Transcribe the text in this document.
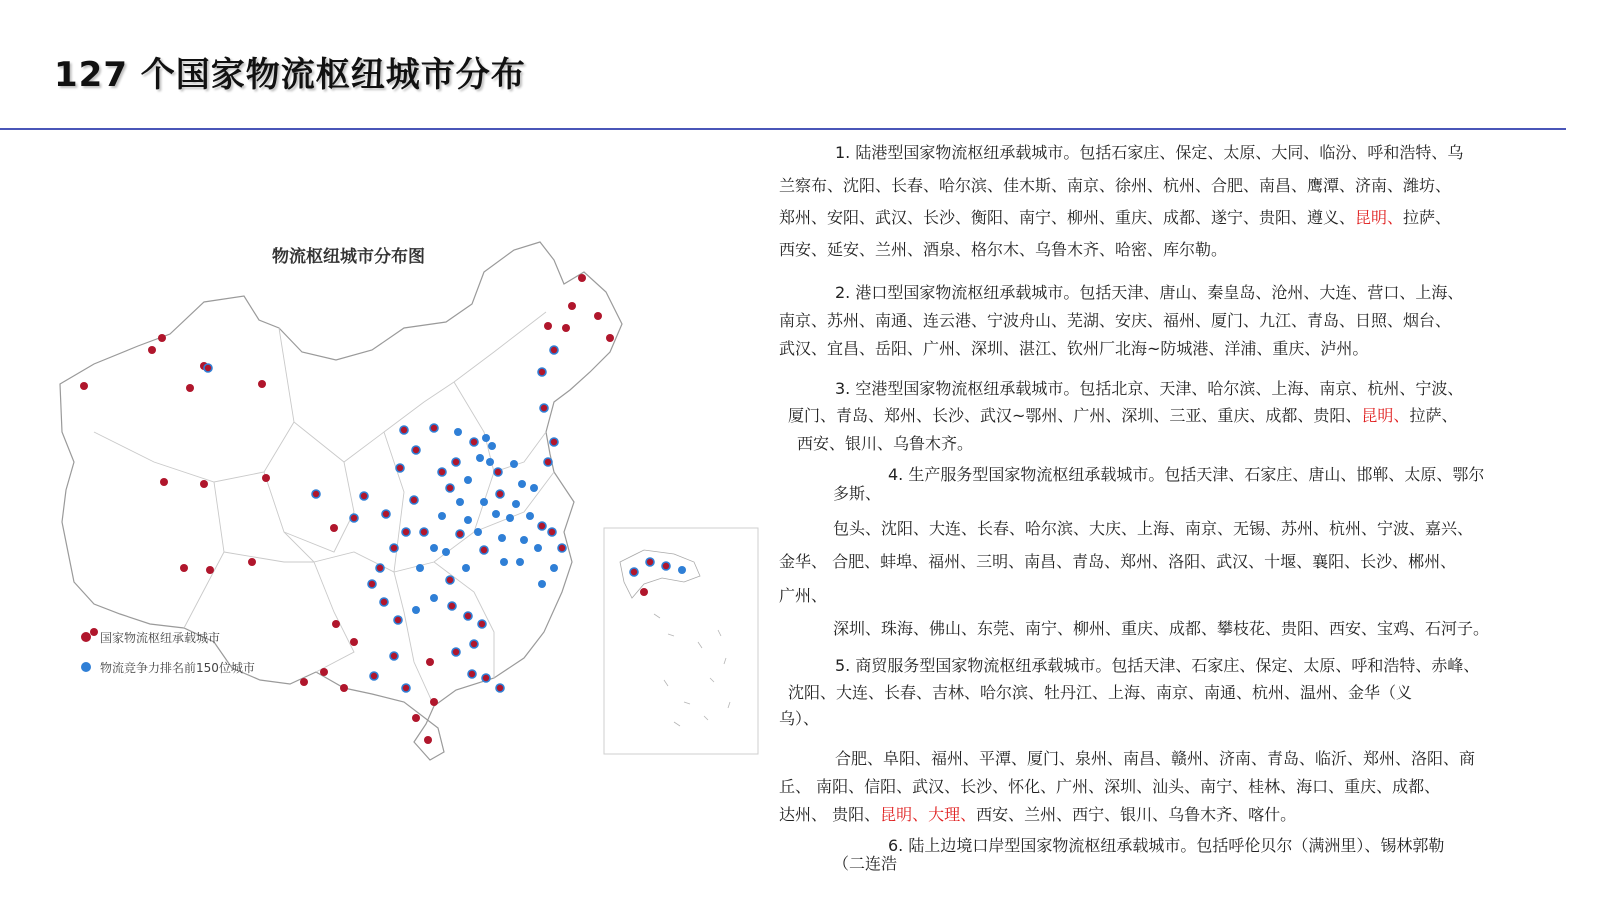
127 个国家物流枢纽城市分布
物流枢纽城市分布图
国家物流枢纽承载城市
物流竞争力排名前150位城市
1. 陆港型国家物流枢纽承载城市。包括石家庄、保定、太原、大同、临汾、呼和浩特、乌
兰察布、沈阳、长春、哈尔滨、佳木斯、南京、徐州、杭州、合肥、南昌、鹰潭、济南、潍坊、
郑州、安阳、武汉、长沙、衡阳、南宁、柳州、重庆、成都、遂宁、贵阳、遵义、昆明、拉萨、
西安、延安、兰州、酒泉、格尔木、乌鲁木齐、哈密、库尔勒。
2. 港口型国家物流枢纽承载城市。包括天津、唐山、秦皇岛、沧州、大连、营口、上海、
南京、苏州、南通、连云港、宁波舟山、芜湖、安庆、福州、厦门、九江、青岛、日照、烟台、
武汉、宜昌、岳阳、广州、深圳、湛江、钦州厂北海~防城港、洋浦、重庆、泸州。
3. 空港型国家物流枢纽承载城市。包括北京、天津、哈尔滨、上海、南京、杭州、宁波、
厦门、青岛、郑州、长沙、武汉~鄂州、广州、深圳、三亚、重庆、成都、贵阳、昆明、拉萨、
西安、银川、乌鲁木齐。
4. 生产服务型国家物流枢纽承载城市。包括天津、石家庄、唐山、邯郸、太原、鄂尔
多斯、
包头、沈阳、大连、长春、哈尔滨、大庆、上海、南京、无锡、苏州、杭州、宁波、嘉兴、
金华、 合肥、蚌埠、福州、三明、南昌、青岛、郑州、洛阳、武汉、十堰、襄阳、长沙、郴州、
广州、
深圳、珠海、佛山、东莞、南宁、柳州、重庆、成都、攀枝花、贵阳、西安、宝鸡、石河子。
5. 商贸服务型国家物流枢纽承载城市。包括天津、石家庄、保定、太原、呼和浩特、赤峰、
沈阳、大连、长春、吉林、哈尔滨、牡丹江、上海、南京、南通、杭州、温州、金华（义
乌）、
合肥、阜阳、福州、平潭、厦门、泉州、南昌、赣州、济南、青岛、临沂、郑州、洛阳、商
丘、 南阳、信阳、武汉、长沙、怀化、广州、深圳、汕头、南宁、桂林、海口、重庆、成都、
达州、 贵阳、昆明、大理、西安、兰州、西宁、银川、乌鲁木齐、喀什。
6. 陆上边境口岸型国家物流枢纽承载城市。包括呼伦贝尔（满洲里）、锡林郭勒
（二连浩
